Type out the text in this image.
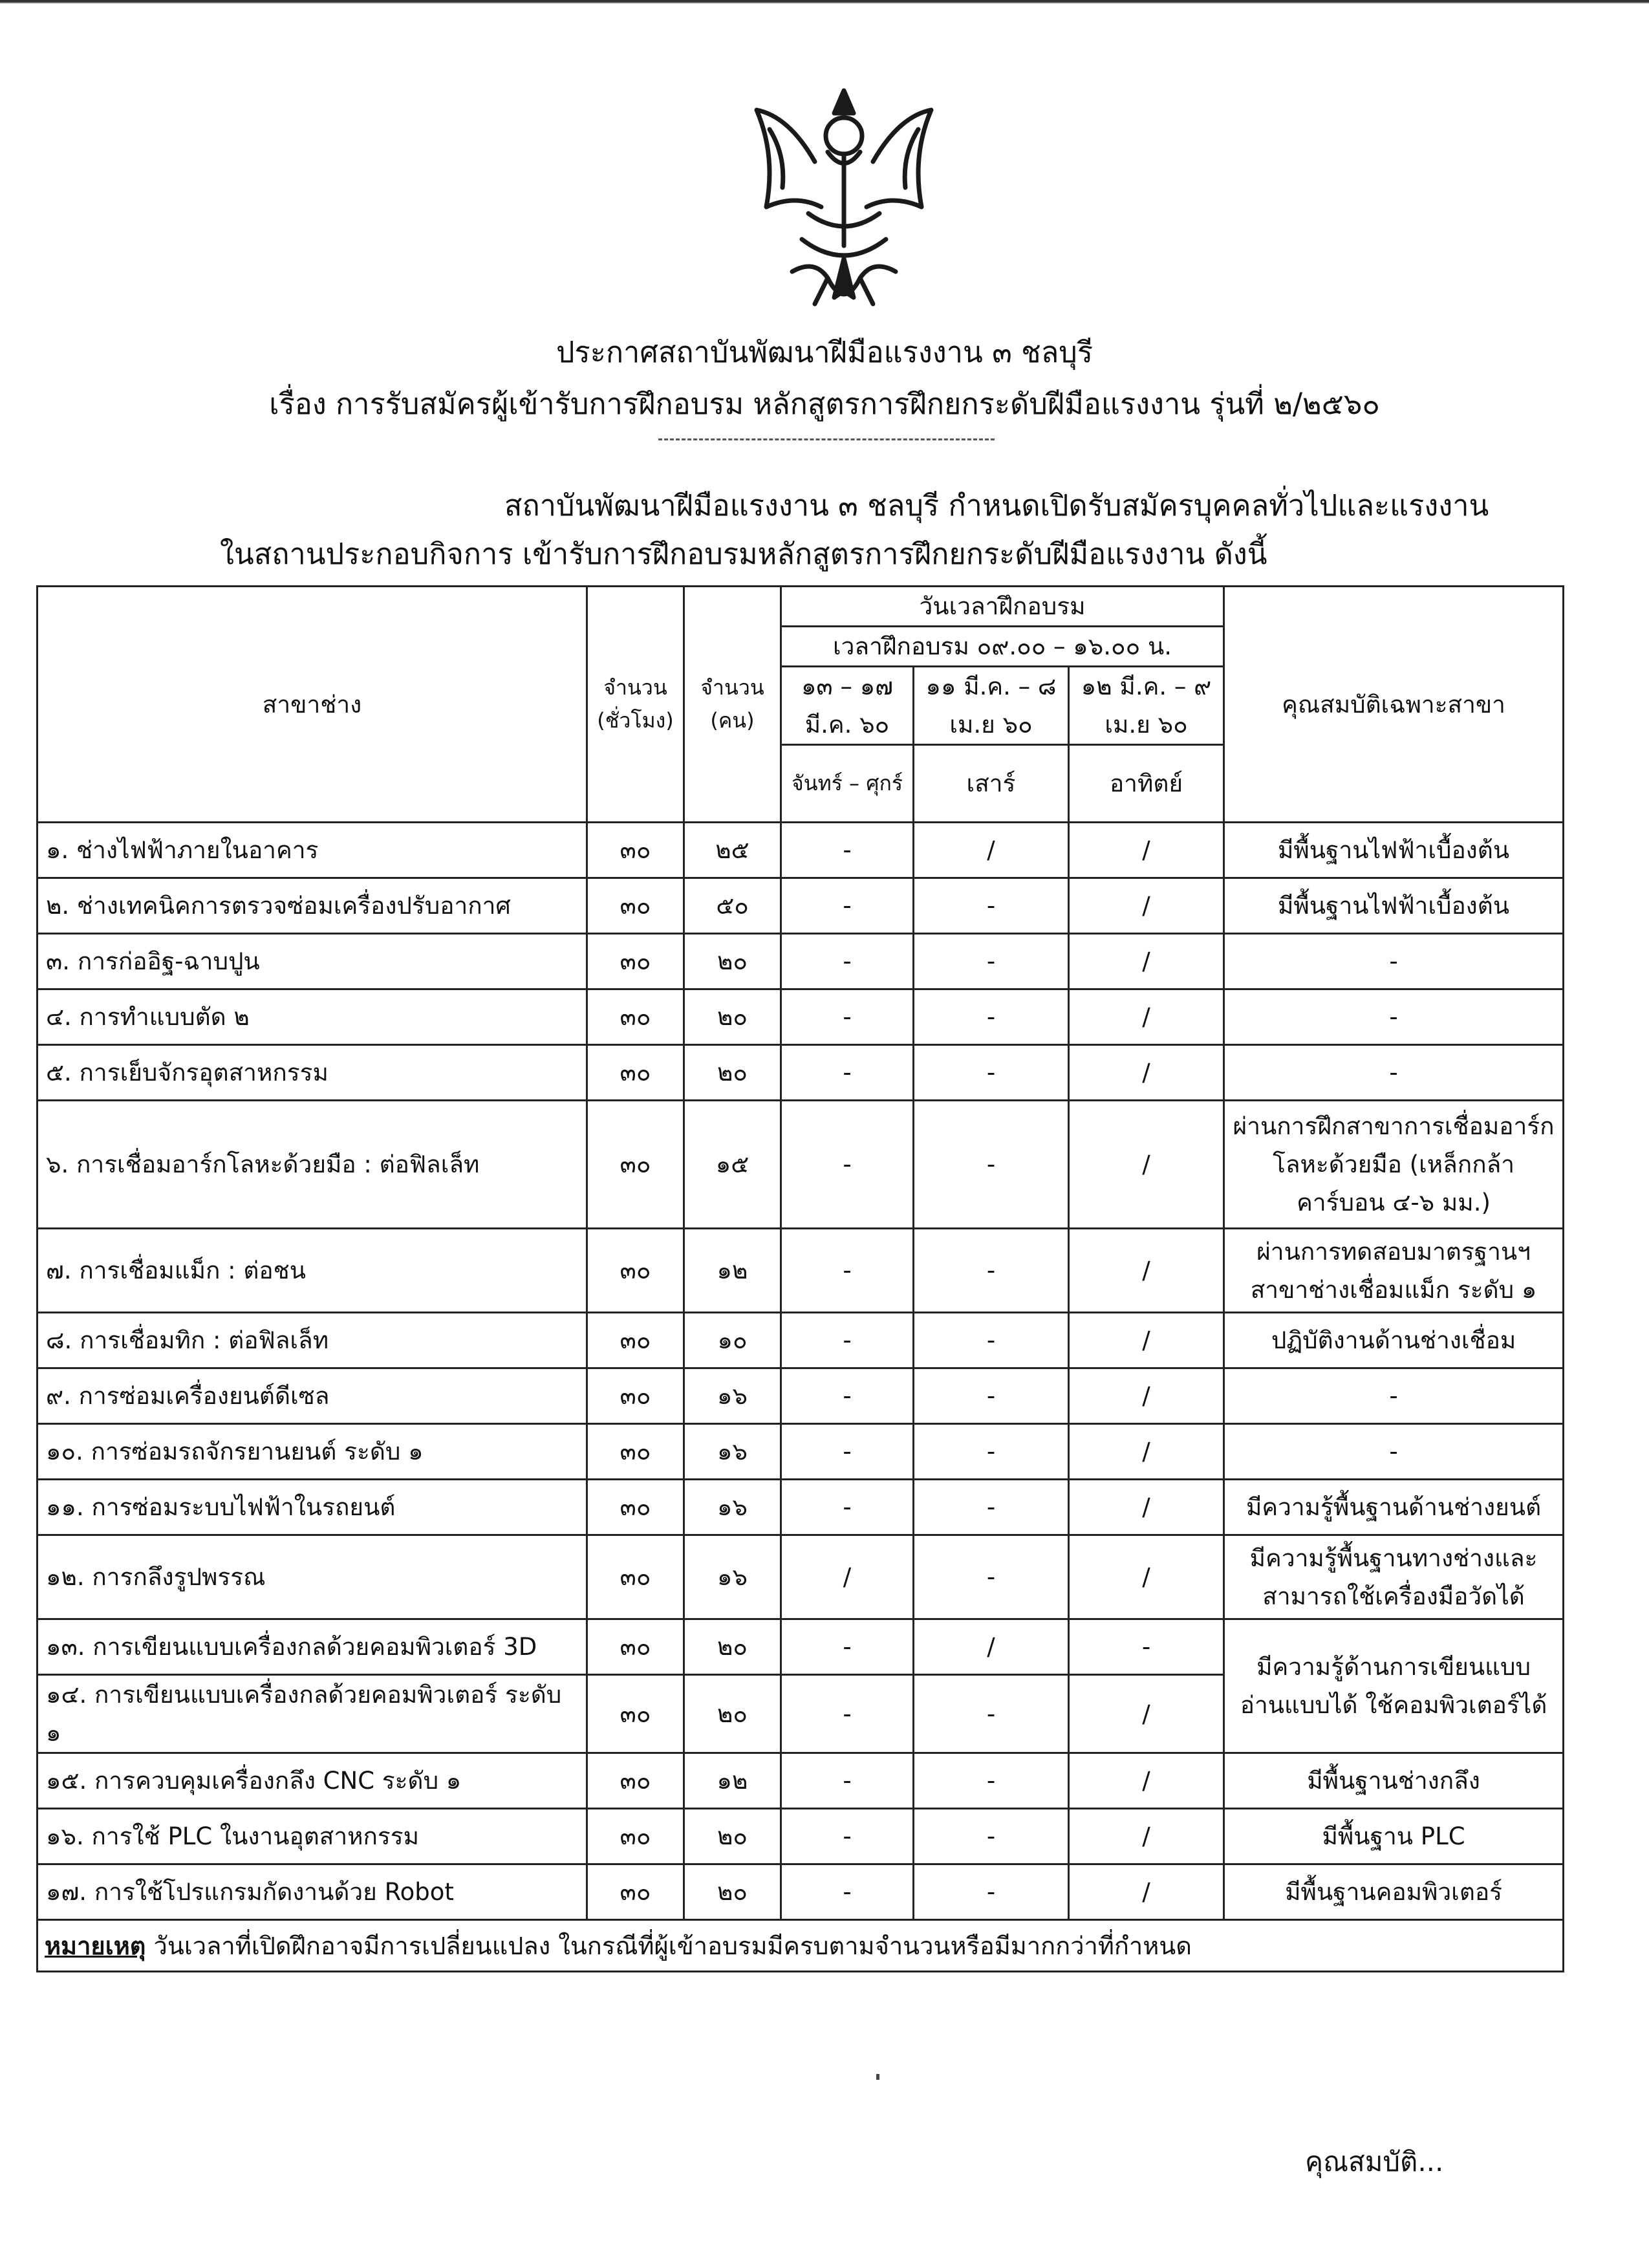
ประกาศสถาบันพัฒนาฝีมือแรงงาน ๓ ชลบุรี
เรื่อง การรับสมัครผู้เข้ารับการฝึกอบรม หลักสูตรการฝึกยกระดับฝีมือแรงงาน รุ่นที่ ๒/๒๕๖๐
สถาบันพัฒนาฝีมือแรงงาน ๓ ชลบุรี กำหนดเปิดรับสมัครบุคคลทั่วไปและแรงงาน
ในสถานประกอบกิจการ เข้ารับการฝึกอบรมหลักสูตรการฝึกยกระดับฝีมือแรงงาน ดังนี้
สาขาช่าง	จำนวน (ชั่วโมง)	จำนวน (คน)	วันเวลาฝึกอบรม			คุณสมบัติเฉพาะสาขา
			เวลาฝึกอบรม ๐๙.๐๐ – ๑๖.๐๐ น.			
			๑๓ – ๑๗ มี.ค. ๖๐	๑๑ มี.ค. – ๘ เม.ย ๖๐	๑๒ มี.ค. – ๙ เม.ย ๖๐	
			จันทร์ – ศุกร์	เสาร์	อาทิตย์	
๑. ช่างไฟฟ้าภายในอาคาร	๓๐	๒๕	-	/	/	มีพื้นฐานไฟฟ้าเบื้องต้น
๒. ช่างเทคนิคการตรวจซ่อมเครื่องปรับอากาศ	๓๐	๕๐	-	-	/	มีพื้นฐานไฟฟ้าเบื้องต้น
๓. การก่ออิฐ-ฉาบปูน	๓๐	๒๐	-	-	/	-
๔. การทำแบบตัด ๒	๓๐	๒๐	-	-	/	-
๕. การเย็บจักรอุตสาหกรรม	๓๐	๒๐	-	-	/	-
๖. การเชื่อมอาร์กโลหะด้วยมือ : ต่อฟิลเล็ท	๓๐	๑๕	-	-	/	ผ่านการฝึกสาขาการเชื่อมอาร์ก โลหะด้วยมือ (เหล็กกล้า คาร์บอน ๔-๖ มม.)
๗. การเชื่อมแม็ก : ต่อชน	๓๐	๑๒	-	-	/	ผ่านการทดสอบมาตรฐานฯ สาขาช่างเชื่อมแม็ก ระดับ ๑
๘. การเชื่อมทิก : ต่อฟิลเล็ท	๓๐	๑๐	-	-	/	ปฏิบัติงานด้านช่างเชื่อม
๙. การซ่อมเครื่องยนต์ดีเซล	๓๐	๑๖	-	-	/	-
๑๐. การซ่อมรถจักรยานยนต์ ระดับ ๑	๓๐	๑๖	-	-	/	-
๑๑. การซ่อมระบบไฟฟ้าในรถยนต์	๓๐	๑๖	-	-	/	มีความรู้พื้นฐานด้านช่างยนต์
๑๒. การกลึงรูปพรรณ	๓๐	๑๖	/	-	/	มีความรู้พื้นฐานทางช่างและ สามารถใช้เครื่องมือวัดได้
๑๓. การเขียนแบบเครื่องกลด้วยคอมพิวเตอร์ 3D	๓๐	๒๐	-	/	-	มีความรู้ด้านการเขียนแบบ อ่านแบบได้ ใช้คอมพิวเตอร์ได้
๑๔. การเขียนแบบเครื่องกลด้วยคอมพิวเตอร์ ระดับ ๑	๓๐	๒๐	-	-	/	
๑๕. การควบคุมเครื่องกลึง CNC ระดับ ๑	๓๐	๑๒	-	-	/	มีพื้นฐานช่างกลึง
๑๖. การใช้ PLC ในงานอุตสาหกรรม	๓๐	๒๐	-	-	/	มีพื้นฐาน PLC
๑๗. การใช้โปรแกรมกัดงานด้วย Robot	๓๐	๒๐	-	-	/	มีพื้นฐานคอมพิวเตอร์
หมายเหตุ วันเวลาที่เปิดฝึกอาจมีการเปลี่ยนแปลง ในกรณีที่ผู้เข้าอบรมมีครบตามจำนวนหรือมีมากกว่าที่กำหนด						
คุณสมบัติ...
